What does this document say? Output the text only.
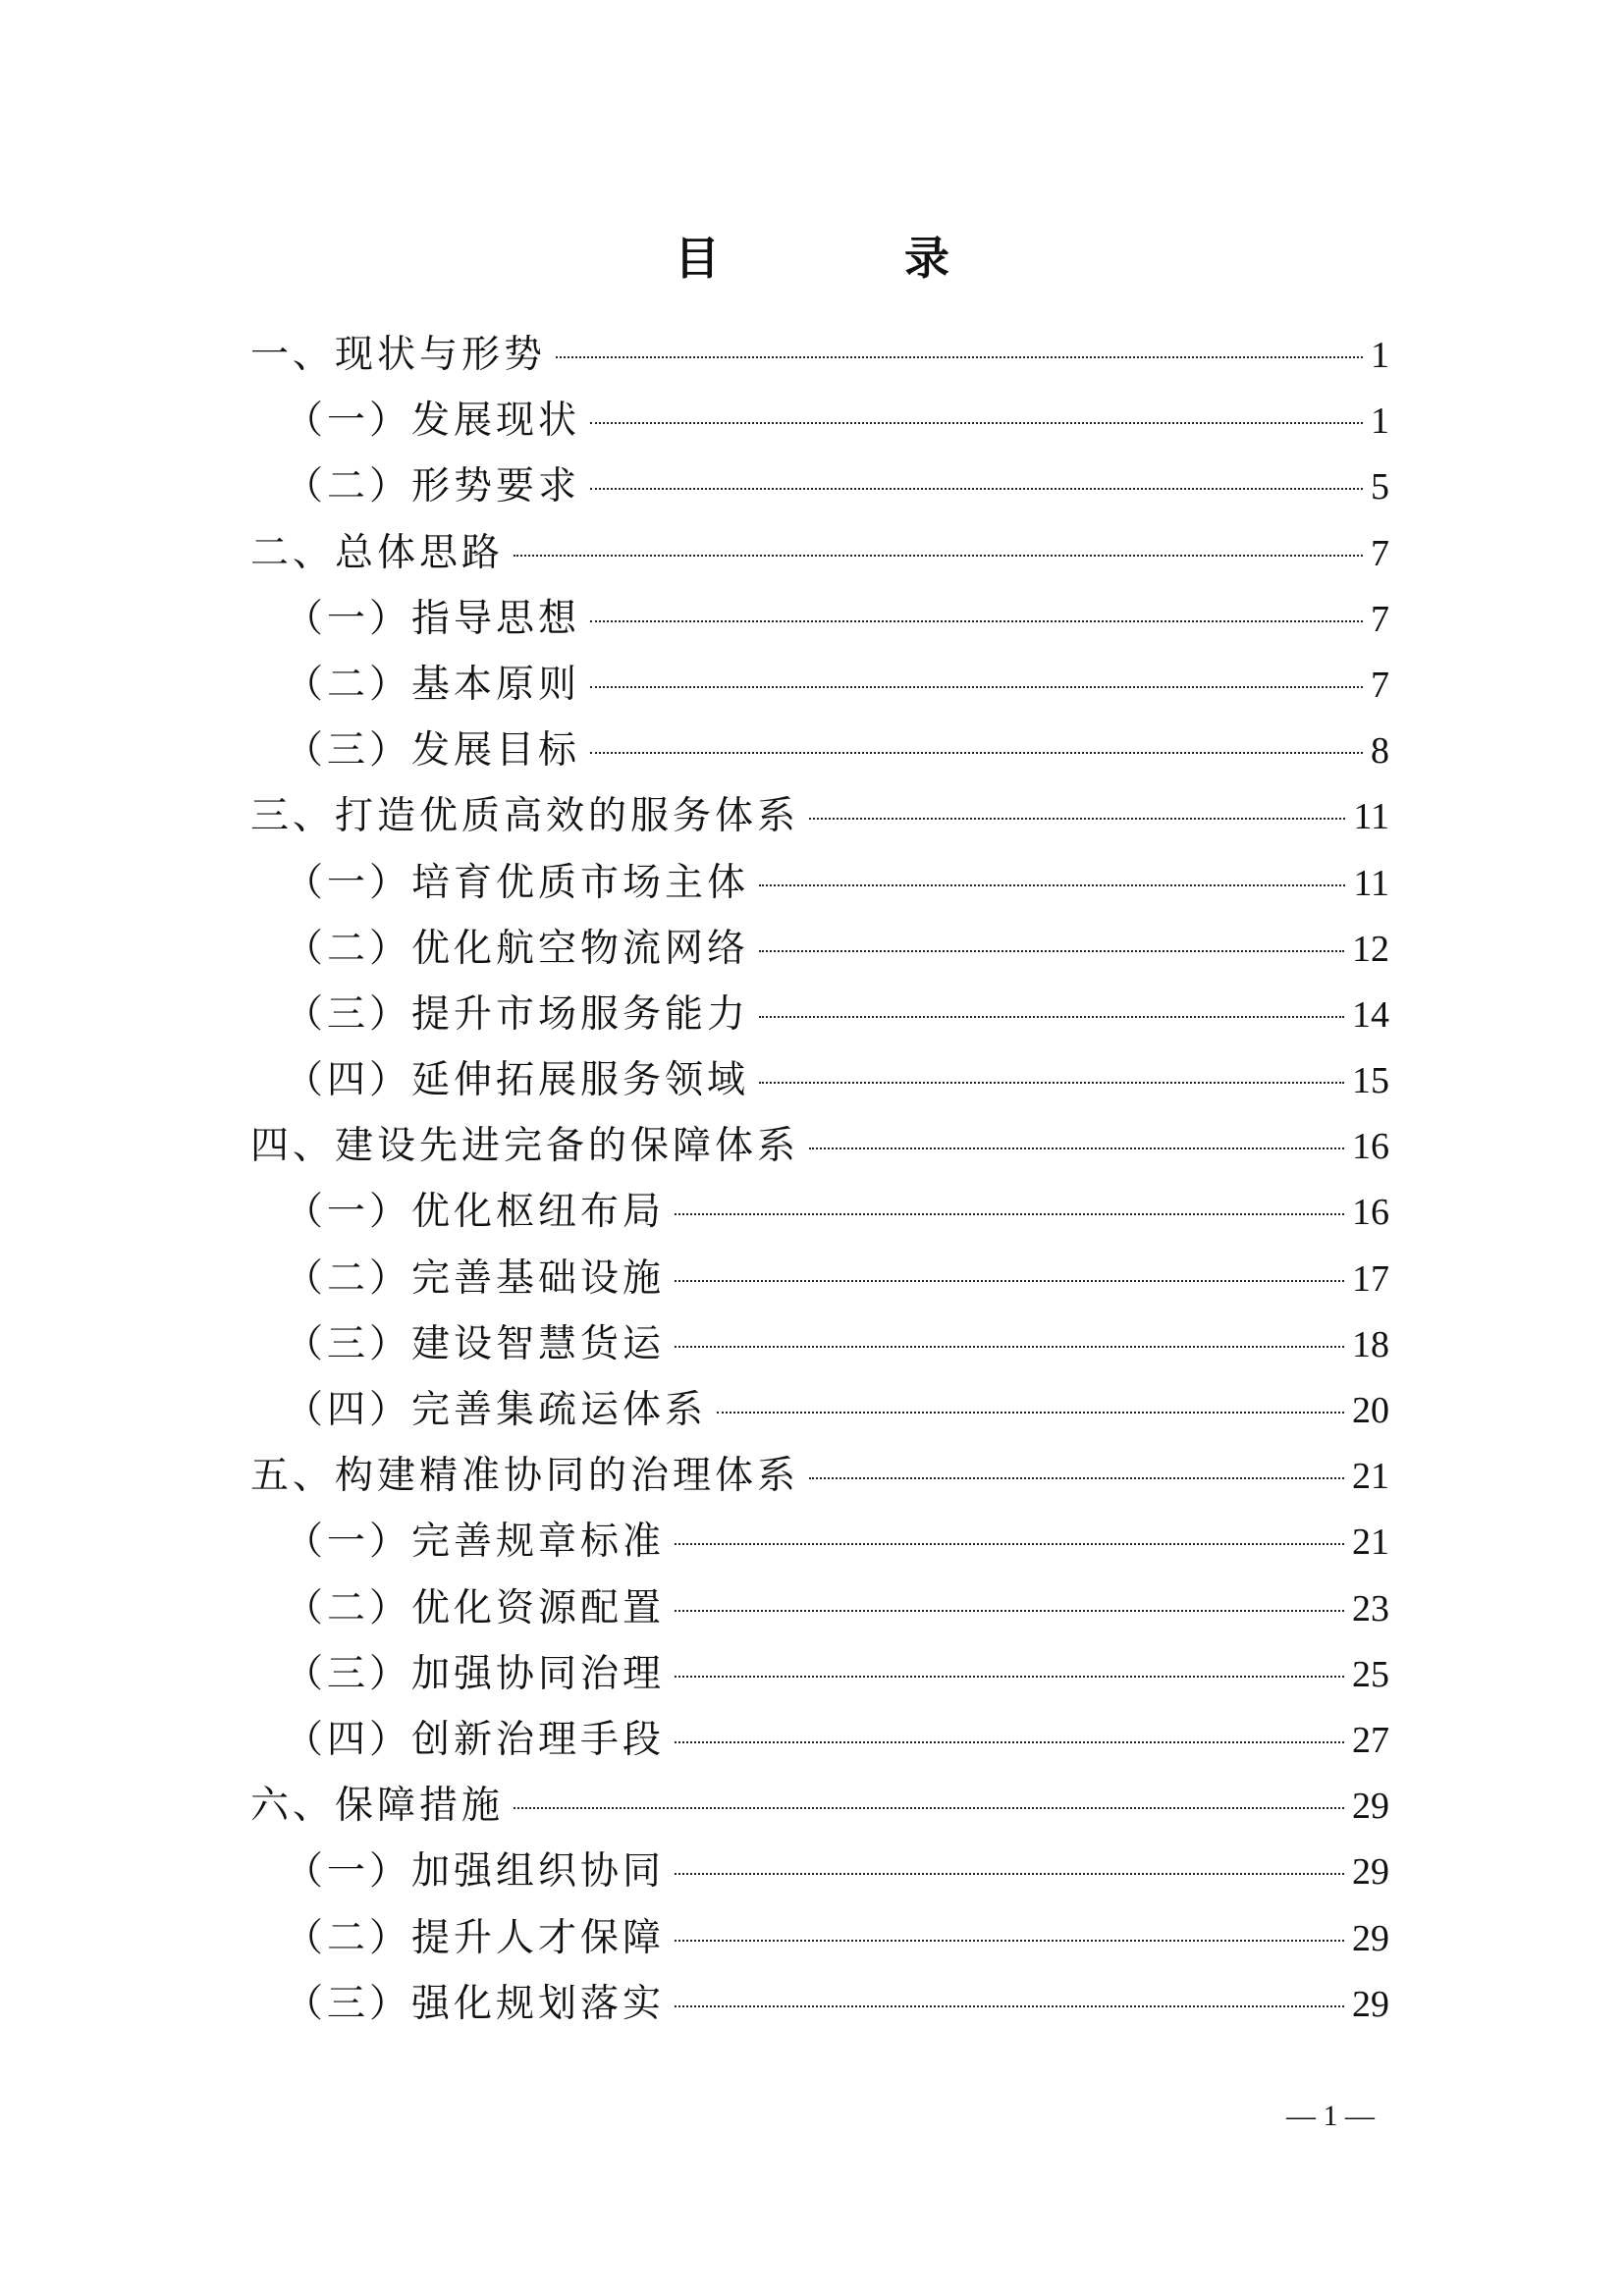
目 录
一、现状与形势	1
（一）发展现状	1
（二）形势要求	5
二、总体思路	7
（一）指导思想	7
（二）基本原则	7
（三）发展目标	8
三、打造优质高效的服务体系	11
（一）培育优质市场主体	11
（二）优化航空物流网络	12
（三）提升市场服务能力	14
（四）延伸拓展服务领域	15
四、建设先进完备的保障体系	16
（一）优化枢纽布局	16
（二）完善基础设施	17
（三）建设智慧货运	18
（四）完善集疏运体系	20
五、构建精准协同的治理体系	21
（一）完善规章标准	21
（二）优化资源配置	23
（三）加强协同治理	25
（四）创新治理手段	27
六、保障措施	29
（一）加强组织协同	29
（二）提升人才保障	29
（三）强化规划落实	29

— 1 —
